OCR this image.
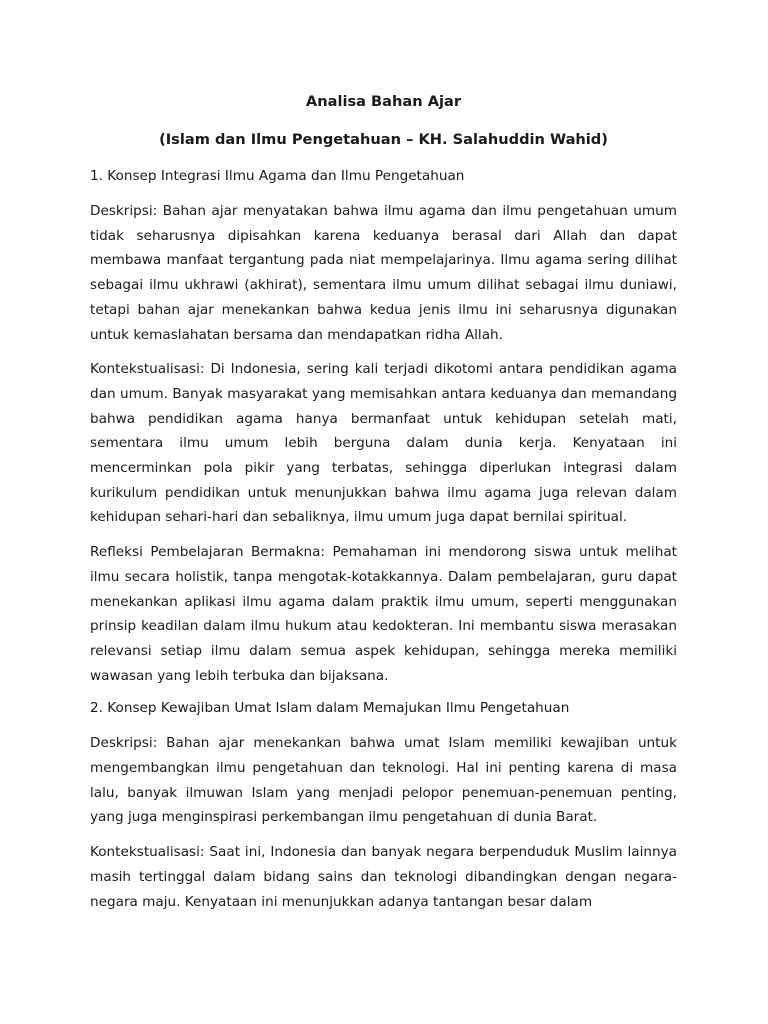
Analisa Bahan Ajar
(Islam dan Ilmu Pengetahuan – KH. Salahuddin Wahid)

1. Konsep Integrasi Ilmu Agama dan Ilmu Pengetahuan

Deskripsi: Bahan ajar menyatakan bahwa ilmu agama dan ilmu pengetahuan umum tidak seharusnya dipisahkan karena keduanya berasal dari Allah dan dapat membawa manfaat tergantung pada niat mempelajarinya. Ilmu agama sering dilihat sebagai ilmu ukhrawi (akhirat), sementara ilmu umum dilihat sebagai ilmu duniawi, tetapi bahan ajar menekankan bahwa kedua jenis ilmu ini seharusnya digunakan untuk kemaslahatan bersama dan mendapatkan ridha Allah.

Kontekstualisasi: Di Indonesia, sering kali terjadi dikotomi antara pendidikan agama dan umum. Banyak masyarakat yang memisahkan antara keduanya dan memandang bahwa pendidikan agama hanya bermanfaat untuk kehidupan setelah mati, sementara ilmu umum lebih berguna dalam dunia kerja. Kenyataan ini mencerminkan pola pikir yang terbatas, sehingga diperlukan integrasi dalam kurikulum pendidikan untuk menunjukkan bahwa ilmu agama juga relevan dalam kehidupan sehari-hari dan sebaliknya, ilmu umum juga dapat bernilai spiritual.

Refleksi Pembelajaran Bermakna: Pemahaman ini mendorong siswa untuk melihat ilmu secara holistik, tanpa mengotak-kotakkannya. Dalam pembelajaran, guru dapat menekankan aplikasi ilmu agama dalam praktik ilmu umum, seperti menggunakan prinsip keadilan dalam ilmu hukum atau kedokteran. Ini membantu siswa merasakan relevansi setiap ilmu dalam semua aspek kehidupan, sehingga mereka memiliki wawasan yang lebih terbuka dan bijaksana.

2. Konsep Kewajiban Umat Islam dalam Memajukan Ilmu Pengetahuan

Deskripsi: Bahan ajar menekankan bahwa umat Islam memiliki kewajiban untuk mengembangkan ilmu pengetahuan dan teknologi. Hal ini penting karena di masa lalu, banyak ilmuwan Islam yang menjadi pelopor penemuan-penemuan penting, yang juga menginspirasi perkembangan ilmu pengetahuan di dunia Barat.

Kontekstualisasi: Saat ini, Indonesia dan banyak negara berpenduduk Muslim lainnya masih tertinggal dalam bidang sains dan teknologi dibandingkan dengan negara-negara maju. Kenyataan ini menunjukkan adanya tantangan besar dalam
